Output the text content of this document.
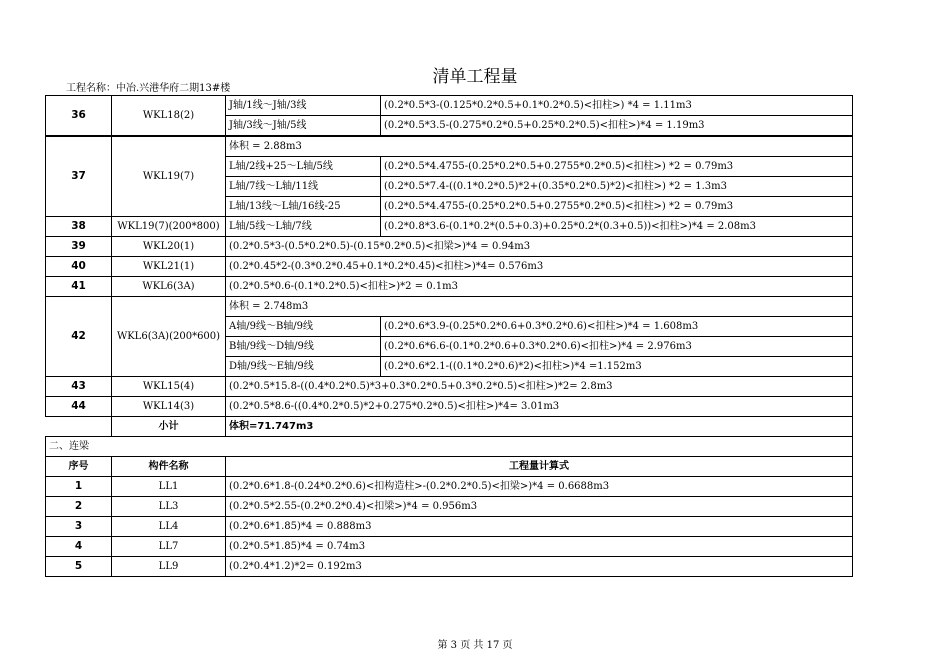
清单工程量
工程名称：中冶.兴港华府二期13#楼
36	WKL18(2)	J轴/1线～J轴/3线	(0.2*0.5*3-(0.125*0.2*0.5+0.1*0.2*0.5)<扣柱>) *4 = 1.11m3
		J轴/3线～J轴/5线	(0.2*0.5*3.5-(0.275*0.2*0.5+0.25*0.2*0.5)<扣柱>)*4 = 1.19m3
37	WKL19(7)	体积 = 2.88m3	
		L轴/2线+25～L轴/5线	(0.2*0.5*4.4755-(0.25*0.2*0.5+0.2755*0.2*0.5)<扣柱>) *2 = 0.79m3
		L轴/7线～L轴/11线	(0.2*0.5*7.4-((0.1*0.2*0.5)*2+(0.35*0.2*0.5)*2)<扣柱>) *2 = 1.3m3
		L轴/13线～L轴/16线-25	(0.2*0.5*4.4755-(0.25*0.2*0.5+0.2755*0.2*0.5)<扣柱>) *2 = 0.79m3
38	WKL19(7)(200*800)	L轴/5线～L轴/7线	(0.2*0.8*3.6-(0.1*0.2*(0.5+0.3)+0.25*0.2*(0.3+0.5))<扣柱>)*4 = 2.08m3
39	WKL20(1)	(0.2*0.5*3-(0.5*0.2*0.5)-(0.15*0.2*0.5)<扣梁>)*4 = 0.94m3	
40	WKL21(1)	(0.2*0.45*2-(0.3*0.2*0.45+0.1*0.2*0.45)<扣柱>)*4= 0.576m3	
41	WKL6(3A)	(0.2*0.5*0.6-(0.1*0.2*0.5)<扣柱>)*2 = 0.1m3	
42	WKL6(3A)(200*600)	体积 = 2.748m3	
		A轴/9线～B轴/9线	(0.2*0.6*3.9-(0.25*0.2*0.6+0.3*0.2*0.6)<扣柱>)*4 = 1.608m3
		B轴/9线～D轴/9线	(0.2*0.6*6.6-(0.1*0.2*0.6+0.3*0.2*0.6)<扣柱>)*4 = 2.976m3
		D轴/9线～E轴/9线	(0.2*0.6*2.1-((0.1*0.2*0.6)*2)<扣柱>)*4 =1.152m3
43	WKL15(4)	(0.2*0.5*15.8-((0.4*0.2*0.5)*3+0.3*0.2*0.5+0.3*0.2*0.5)<扣柱>)*2= 2.8m3	
44	WKL14(3)	(0.2*0.5*8.6-((0.4*0.2*0.5)*2+0.275*0.2*0.5)<扣柱>)*4= 3.01m3	
	小计	体积=71.747m3	
二、连梁			
序号	构件名称	工程量计算式	
1	LL1	(0.2*0.6*1.8-(0.24*0.2*0.6)<扣构造柱>-(0.2*0.2*0.5)<扣梁>)*4 = 0.6688m3	
2	LL3	(0.2*0.5*2.55-(0.2*0.2*0.4)<扣梁>)*4 = 0.956m3	
3	LL4	(0.2*0.6*1.85)*4 = 0.888m3	
4	LL7	(0.2*0.5*1.85)*4 = 0.74m3	
5	LL9	(0.2*0.4*1.2)*2= 0.192m3	
第 3 页 共 17 页
